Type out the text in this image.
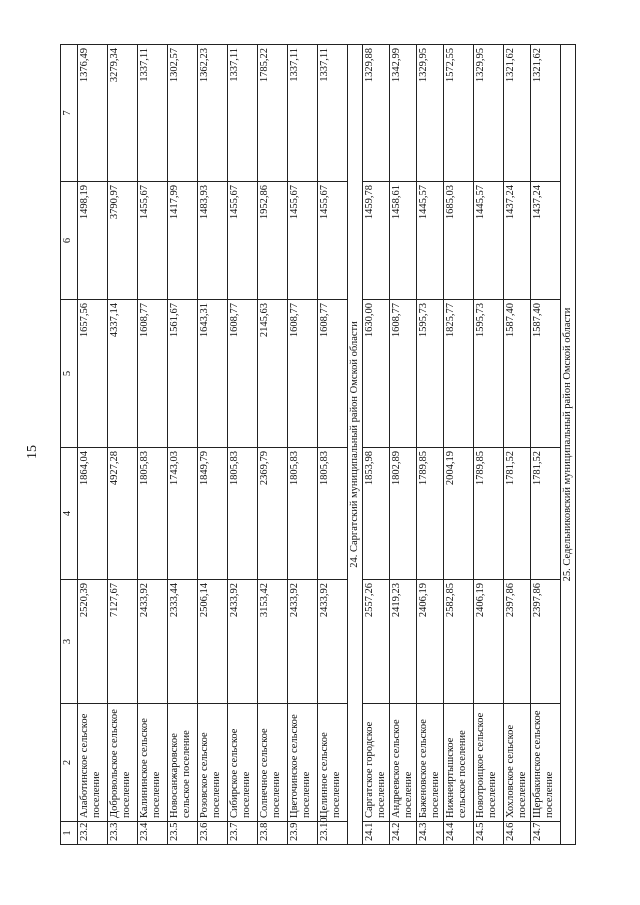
15
1	2	3	4	5	6	7
23.2	Алаботинское сельское поселение	2520,39	1864,04	1657,56	1498,19	1376,49
23.3	Добровольское сельское поселение	7127,67	4927,28	4337,14	3790,97	3279,34
23.4	Калининское сельское поселение	2433,92	1805,83	1608,77	1455,67	1337,11
23.5	Новосанжаровское сельское поселение	2333,44	1743,03	1561,67	1417,99	1302,57
23.6	Розовское сельское поселение	2506,14	1849,79	1643,31	1483,93	1362,23
23.7	Сибирское сельское поселение	2433,92	1805,83	1608,77	1455,67	1337,11
23.8	Солнечное сельское поселение	3153,42	2369,79	2145,63	1952,86	1785,22
23.9	Цветочинское сельское поселение	2433,92	1805,83	1608,77	1455,67	1337,11
23.10	Целинное сельское поселение	2433,92	1805,83	1608,77	1455,67	1337,11
24. Саргатский муниципальный район Омской области						
24.1	Саргатское городское поселение	2557,26	1853,98	1630,00	1459,78	1329,88
24.2	Андреевское сельское поселение	2419,23	1802,89	1608,77	1458,61	1342,99
24.3	Баженовское сельское поселение	2406,19	1789,85	1595,73	1445,57	1329,95
24.4	Нижнеиртышское сельское поселение	2582,85	2004,19	1825,77	1685,03	1572,55
24.5	Новотроицкое сельское поселение	2406,19	1789,85	1595,73	1445,57	1329,95
24.6	Хохловское сельское поселение	2397,86	1781,52	1587,40	1437,24	1321,62
24.7	Щербакинское сельское поселение	2397,86	1781,52	1587,40	1437,24	1321,62
25. Седельниковский муниципальный район Омской области						
